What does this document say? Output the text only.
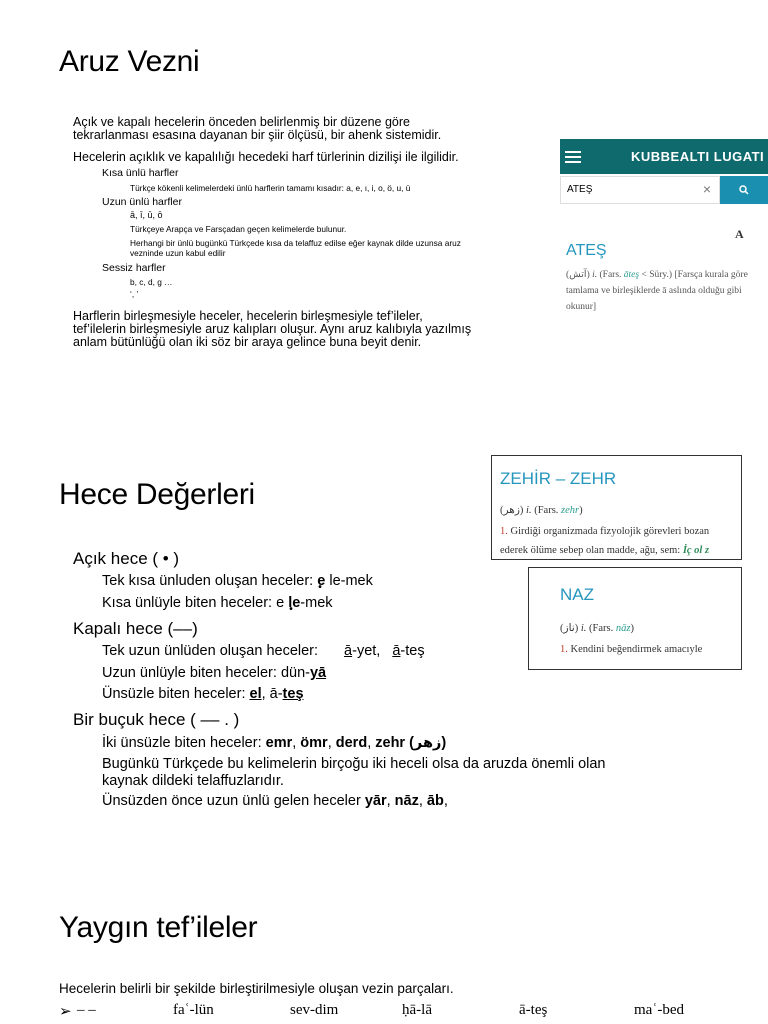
Aruz Vezni
Açık ve kapalı hecelerin önceden belirlenmiş bir düzene göre
tekrarlanması esasına dayanan bir şiir ölçüsü, bir ahenk sistemidir.
Hecelerin açıklık ve kapalılığı hecedeki harf türlerinin dizilişi ile ilgilidir.
Kısa ünlü harfler
Türkçe kökenli kelimelerdeki ünlü harflerin tamamı kısadır: a, e, ı, i, o, ö, u, ü
Uzun ünlü harfler
ā, ī, ū, ō
Türkçeye Arapça ve Farsçadan geçen kelimelerde bulunur.
Herhangi bir ünlü bugünkü Türkçede kısa da telaffuz edilse eğer kaynak dilde uzunsa aruz
vezninde uzun kabul edilir
Sessiz harfler
b, c, d, g …
‘, ’
Harflerin birleşmesiyle heceler, hecelerin birleşmesiyle tef’ileler,
tef’ilelerin birleşmesiyle aruz kalıpları oluşur. Aynı aruz kalıbıyla yazılmış
anlam bütünlüğü olan iki söz bir araya gelince buna beyit denir.
KUBBEALTI LUGATI
ATEŞ	×
A
ATEŞ
(آتش) i. (Fars. āteş < Süry.) [Farsça kurala göre
tamlama ve birleşiklerde ā aslında olduğu gibi
okunur]
Hece Değerleri
Açık hece ( • )
Tek kısa ünluden oluşan heceler: e • le-mek
Kısa ünlüyle biten heceler: e le •-mek
Kapalı hece (––)
Tek uzun ünlüden oluşan heceler: ā-yet, ā-teş
Uzun ünlüyle biten heceler: dün-yā
Ünsüzle biten heceler: el, ā-teş
Bir buçuk hece ( –– . )
İki ünsüzle biten heceler: emr, ömr, derd, zehr (زهر)
Bugünkü Türkçede bu kelimelerin birçoğu iki heceli olsa da aruzda önemli olan
kaynak dildeki telaffuzlarıdır.
Ünsüzden önce uzun ünlü gelen heceler yār, nāz, āb,
ZEHİR – ZEHR
(زهر) i. (Fars. zehr)
1. Girdiği organizmada fizyolojik görevleri bozan
ederek ölüme sebep olan madde, ağu, sem: İç ol z
NAZ
(ناز) i. (Fars. nāz)
1. Kendini beğendirmek amacıyle
Yaygın tef’ileler
Hecelerin belirli bir şekilde birleştirilmesiyle oluşan vezin parçaları.
➢ – –	faʿ-lün	sev-dim	ḥā-lā	ā-teş	maʿ-bed
